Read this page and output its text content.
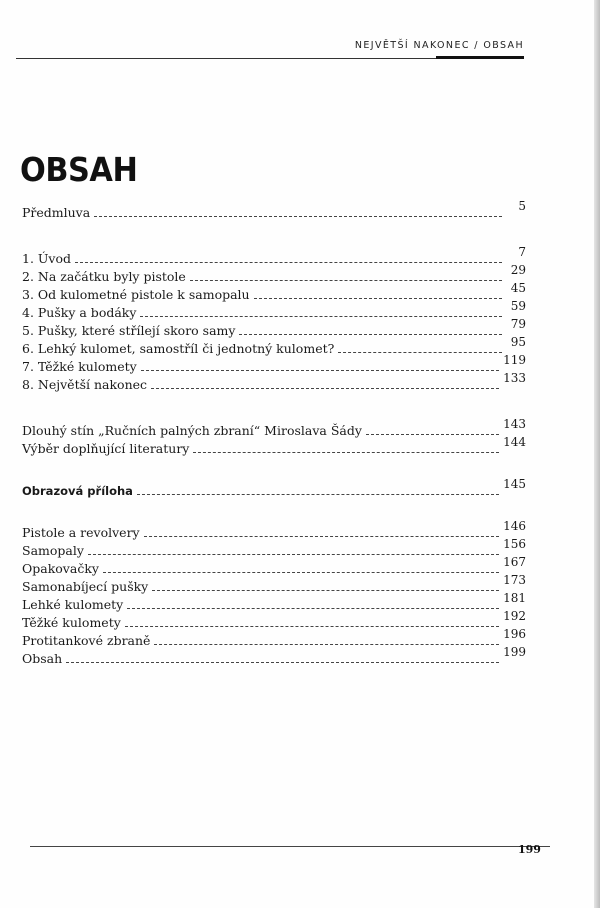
NEJVĚTŠÍ NAKONEC / OBSAH
OBSAH
Předmluva	5
1. Úvod	7
2. Na začátku byly pistole	29
3. Od kulometné pistole k samopalu	45
4. Pušky a bodáky	59
5. Pušky, které střílejí skoro samy	79
6. Lehký kulomet, samostříl či jednotný kulomet?	95
7. Těžké kulomety	119
8. Největší nakonec	133
Dlouhý stín „Ručních palných zbraní“ Miroslava Šády	143
Výběr doplňující literatury	144
Obrazová příloha	145
Pistole a revolvery	146
Samopaly	156
Opakovačky	167
Samonabíjecí pušky	173
Lehké kulomety	181
Těžké kulomety	192
Protitankové zbraně	196
Obsah	199
199
